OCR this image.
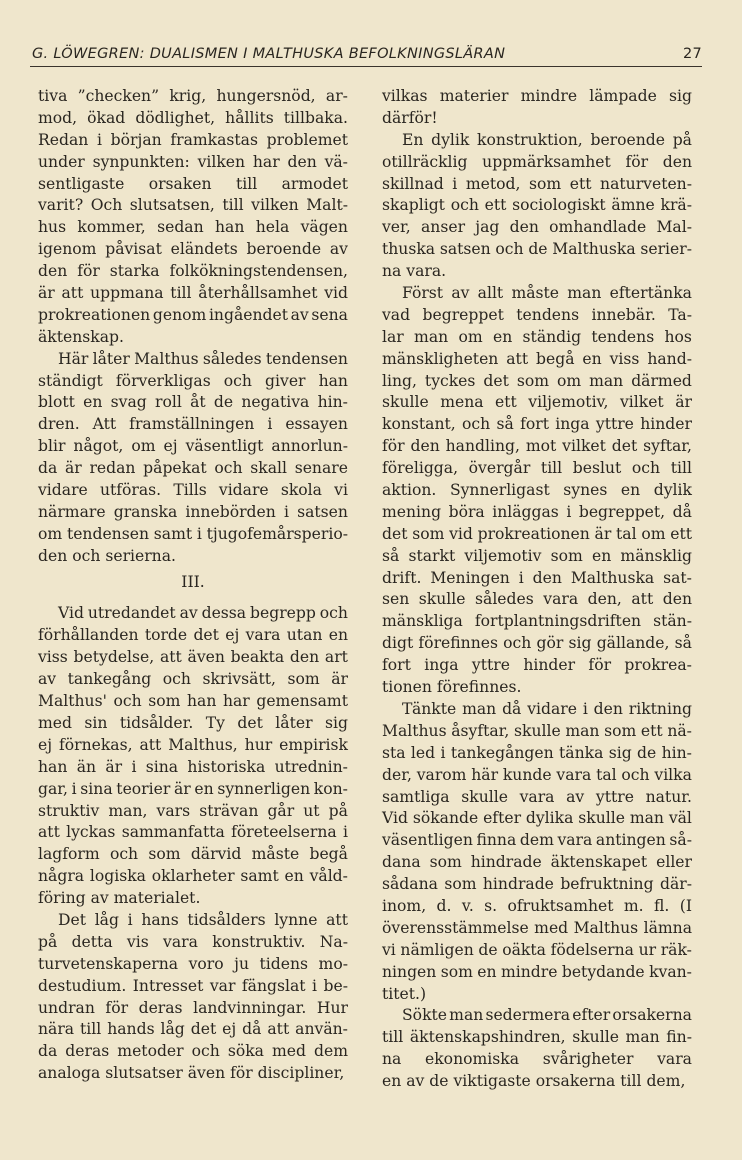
G. LÖWEGREN: DUALISMEN I MALTHUSKA BEFOLKNINGSLÄRAN	27
tiva ”checken” krig, hungersnöd, ar-
mod, ökad dödlighet, hållits tillbaka.
Redan i början framkastas problemet
under synpunkten: vilken har den vä-
sentligaste orsaken till armodet
varit? Och slutsatsen, till vilken Malt-
hus kommer, sedan han hela vägen
igenom påvisat eländets beroende av
den för starka folkökningstendensen,
är att uppmana till återhållsamhet vid
prokreationen genom ingåendet av sena
äktenskap.
Här låter Malthus således tendensen
ständigt förverkligas och giver han
blott en svag roll åt de negativa hin-
dren. Att framställningen i essayen
blir något, om ej väsentligt annorlun-
da är redan påpekat och skall senare
vidare utföras. Tills vidare skola vi
närmare granska innebörden i satsen
om tendensen samt i tjugofemårsperio-
den och serierna.
III.
Vid utredandet av dessa begrepp och
förhållanden torde det ej vara utan en
viss betydelse, att även beakta den art
av tankegång och skrivsätt, som är
Malthus' och som han har gemensamt
med sin tidsålder. Ty det låter sig
ej förnekas, att Malthus, hur empirisk
han än är i sina historiska utrednin-
gar, i sina teorier är en synnerligen kon-
struktiv man, vars strävan går ut på
att lyckas sammanfatta företeelserna i
lagform och som därvid måste begå
några logiska oklarheter samt en våld-
föring av materialet.
Det låg i hans tidsålders lynne att
på detta vis vara konstruktiv. Na-
turvetenskaperna voro ju tidens mo-
destudium. Intresset var fängslat i be-
undran för deras landvinningar. Hur
nära till hands låg det ej då att använ-
da deras metoder och söka med dem
analoga slutsatser även för discipliner,
vilkas materier mindre lämpade sig
därför!
En dylik konstruktion, beroende på
otillräcklig uppmärksamhet för den
skillnad i metod, som ett naturveten-
skapligt och ett sociologiskt ämne krä-
ver, anser jag den omhandlade Mal-
thuska satsen och de Malthuska serier-
na vara.
Först av allt måste man eftertänka
vad begreppet tendens innebär. Ta-
lar man om en ständig tendens hos
mänskligheten att begå en viss hand-
ling, tyckes det som om man därmed
skulle mena ett viljemotiv, vilket är
konstant, och så fort inga yttre hinder
för den handling, mot vilket det syftar,
föreligga, övergår till beslut och till
aktion. Synnerligast synes en dylik
mening böra inläggas i begreppet, då
det som vid prokreationen är tal om ett
så starkt viljemotiv som en mänsklig
drift. Meningen i den Malthuska sat-
sen skulle således vara den, att den
mänskliga fortplantningsdriften stän-
digt förefinnes och gör sig gällande, så
fort inga yttre hinder för prokrea-
tionen förefinnes.
Tänkte man då vidare i den riktning
Malthus åsyftar, skulle man som ett nä-
sta led i tankegången tänka sig de hin-
der, varom här kunde vara tal och vilka
samtliga skulle vara av yttre natur.
Vid sökande efter dylika skulle man väl
väsentligen finna dem vara antingen så-
dana som hindrade äktenskapet eller
sådana som hindrade befruktning där-
inom, d. v. s. ofruktsamhet m. fl. (I
överensstämmelse med Malthus lämna
vi nämligen de oäkta födelserna ur räk-
ningen som en mindre betydande kvan-
titet.)
Sökte man sedermera efter orsakerna
till äktenskapshindren, skulle man fin-
na ekonomiska svårigheter vara
en av de viktigaste orsakerna till dem,
